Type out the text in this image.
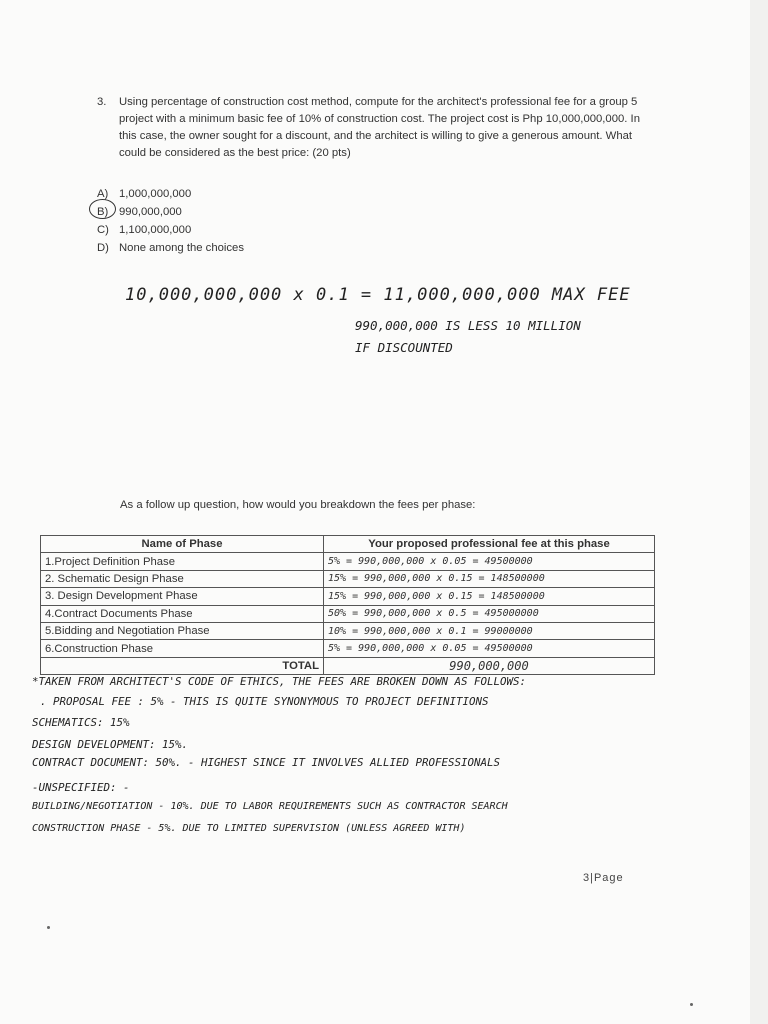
3. Using percentage of construction cost method, compute for the architect's professional fee for a group 5 project with a minimum basic fee of 10% of construction cost. The project cost is Php 10,000,000,000. In this case, the owner sought for a discount, and the architect is willing to give a generous amount. What could be considered as the best price: (20 pts)

A) 1,000,000,000
B) 990,000,000
C) 1,100,000,000
D) None among the choices
10,000,000,000 x 0.1 = 11,000,000,000 MAX FEE
990,000,000 IS LESS 10 MILLION
IF DISCOUNTED
As a follow up question, how would you breakdown the fees per phase:
Name of Phase	Your proposed professional fee at this phase
1.Project Definition Phase	5% = 990,000,000 x 0.05 = 49500000
2. Schematic Design Phase	15% = 990,000,000 x 0.15 = 148500000
3. Design Development Phase	15% = 990,000,000 x 0.15 = 148500000
4.Contract Documents Phase	50% = 990,000,000 x 0.5 = 495000000
5.Bidding and Negotiation Phase	10% = 990,000,000 x 0.1 = 99000000
6.Construction Phase	5% = 990,000,000 x 0.05 = 49500000
TOTAL	990,000,000
*TAKEN FROM ARCHITECT'S CODE OF ETHICS, THE FEES ARE BROKEN DOWN AS FOLLOWS:
. PROPOSAL FEE : 5% - THIS IS QUITE SYNONYMOUS TO PROJECT DEFINITIONS
SCHEMATICS: 15%
DESIGN DEVELOPMENT: 15%.
CONTRACT DOCUMENT: 50%. - HIGHEST SINCE IT INVOLVES ALLIED PROFESSIONALS
-UNSPECIFIED: -
BUILDING/NEGOTIATION - 10%. DUE TO LABOR REQUIREMENTS SUCH AS CONTRACTOR SEARCH
CONSTRUCTION PHASE - 5%. DUE TO LIMITED SUPERVISION (UNLESS AGREED WITH)
3|Page
